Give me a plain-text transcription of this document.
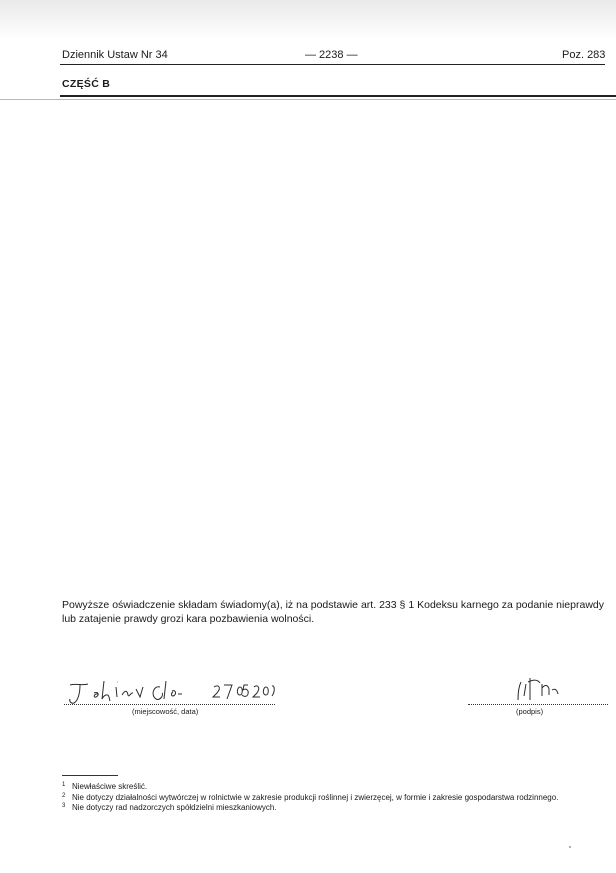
Dziennik Ustaw Nr 34	— 2238 —	Poz. 283
CZĘŚĆ B
Powyższe oświadczenie składam świadomy(a), iż na podstawie art. 233 § 1 Kodeksu karnego za podanie nieprawdy lub zatajenie prawdy grozi kara pozbawienia wolności.
(miejscowość, data)	(podpis)
1 Niewłaściwe skreślić.
2 Nie dotyczy działalności wytwórczej w rolnictwie w zakresie produkcji roślinnej i zwierzęcej, w formie i zakresie gospodarstwa rodzinnego.
3 Nie dotyczy rad nadzorczych spółdzielni mieszkaniowych.
